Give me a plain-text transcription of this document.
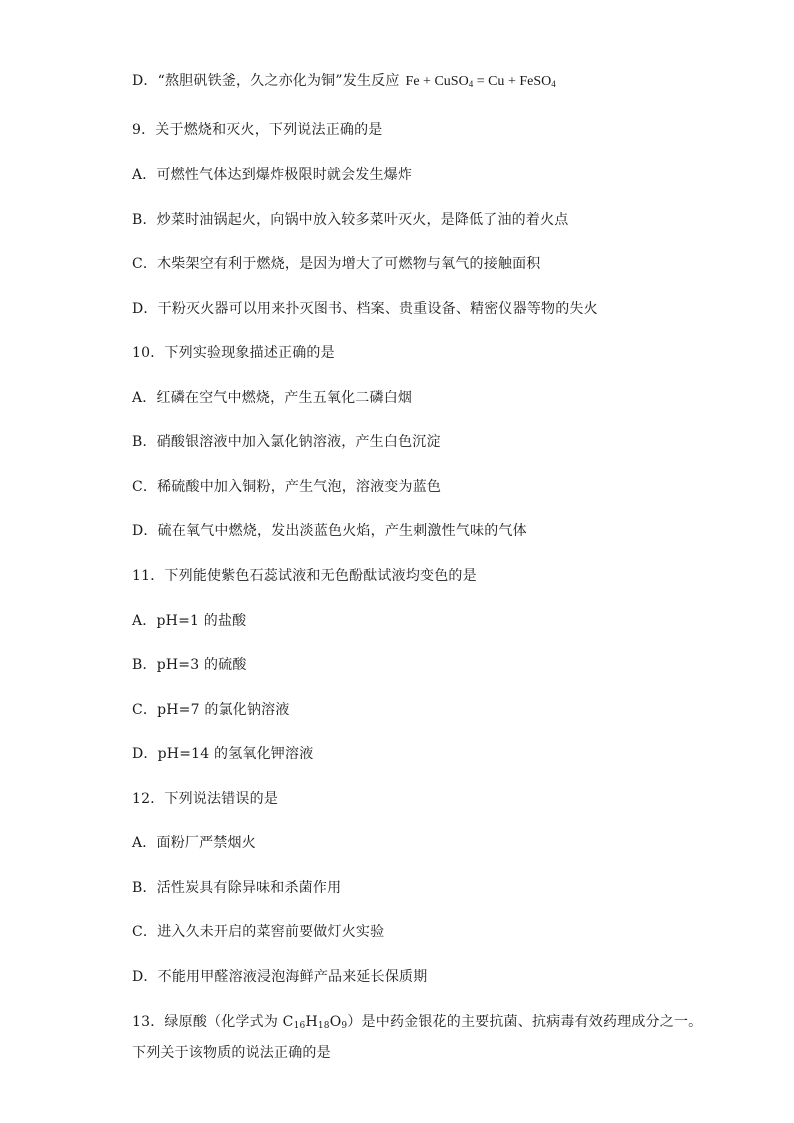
D．“熬胆矾铁釜，久之亦化为铜”发生反应 Fe + CuSO$_4$ = Cu + FeSO$_4$
9．关于燃烧和灭火，下列说法正确的是
A．可燃性气体达到爆炸极限时就会发生爆炸
B．炒菜时油锅起火，向锅中放入较多菜叶灭火，是降低了油的着火点
C．木柴架空有利于燃烧，是因为增大了可燃物与氧气的接触面积
D．干粉灭火器可以用来扑灭图书、档案、贵重设备、精密仪器等物的失火
10．下列实验现象描述正确的是
A．红磷在空气中燃烧，产生五氧化二磷白烟
B．硝酸银溶液中加入氯化钠溶液，产生白色沉淀
C．稀硫酸中加入铜粉，产生气泡，溶液变为蓝色
D．硫在氧气中燃烧，发出淡蓝色火焰，产生刺激性气味的气体
11．下列能使紫色石蕊试液和无色酚酞试液均变色的是
A．pH=1 的盐酸
B．pH=3 的硫酸
C．pH=7 的氯化钠溶液
D．pH=14 的氢氧化钾溶液
12．下列说法错误的是
A．面粉厂严禁烟火
B．活性炭具有除异味和杀菌作用
C．进入久未开启的菜窖前要做灯火实验
D．不能用甲醛溶液浸泡海鲜产品来延长保质期
13．绿原酸（化学式为 $C_{16}H_{18}O_9$）是中药金银花的主要抗菌、抗病毒有效药理成分之一。
下列关于该物质的说法正确的是
